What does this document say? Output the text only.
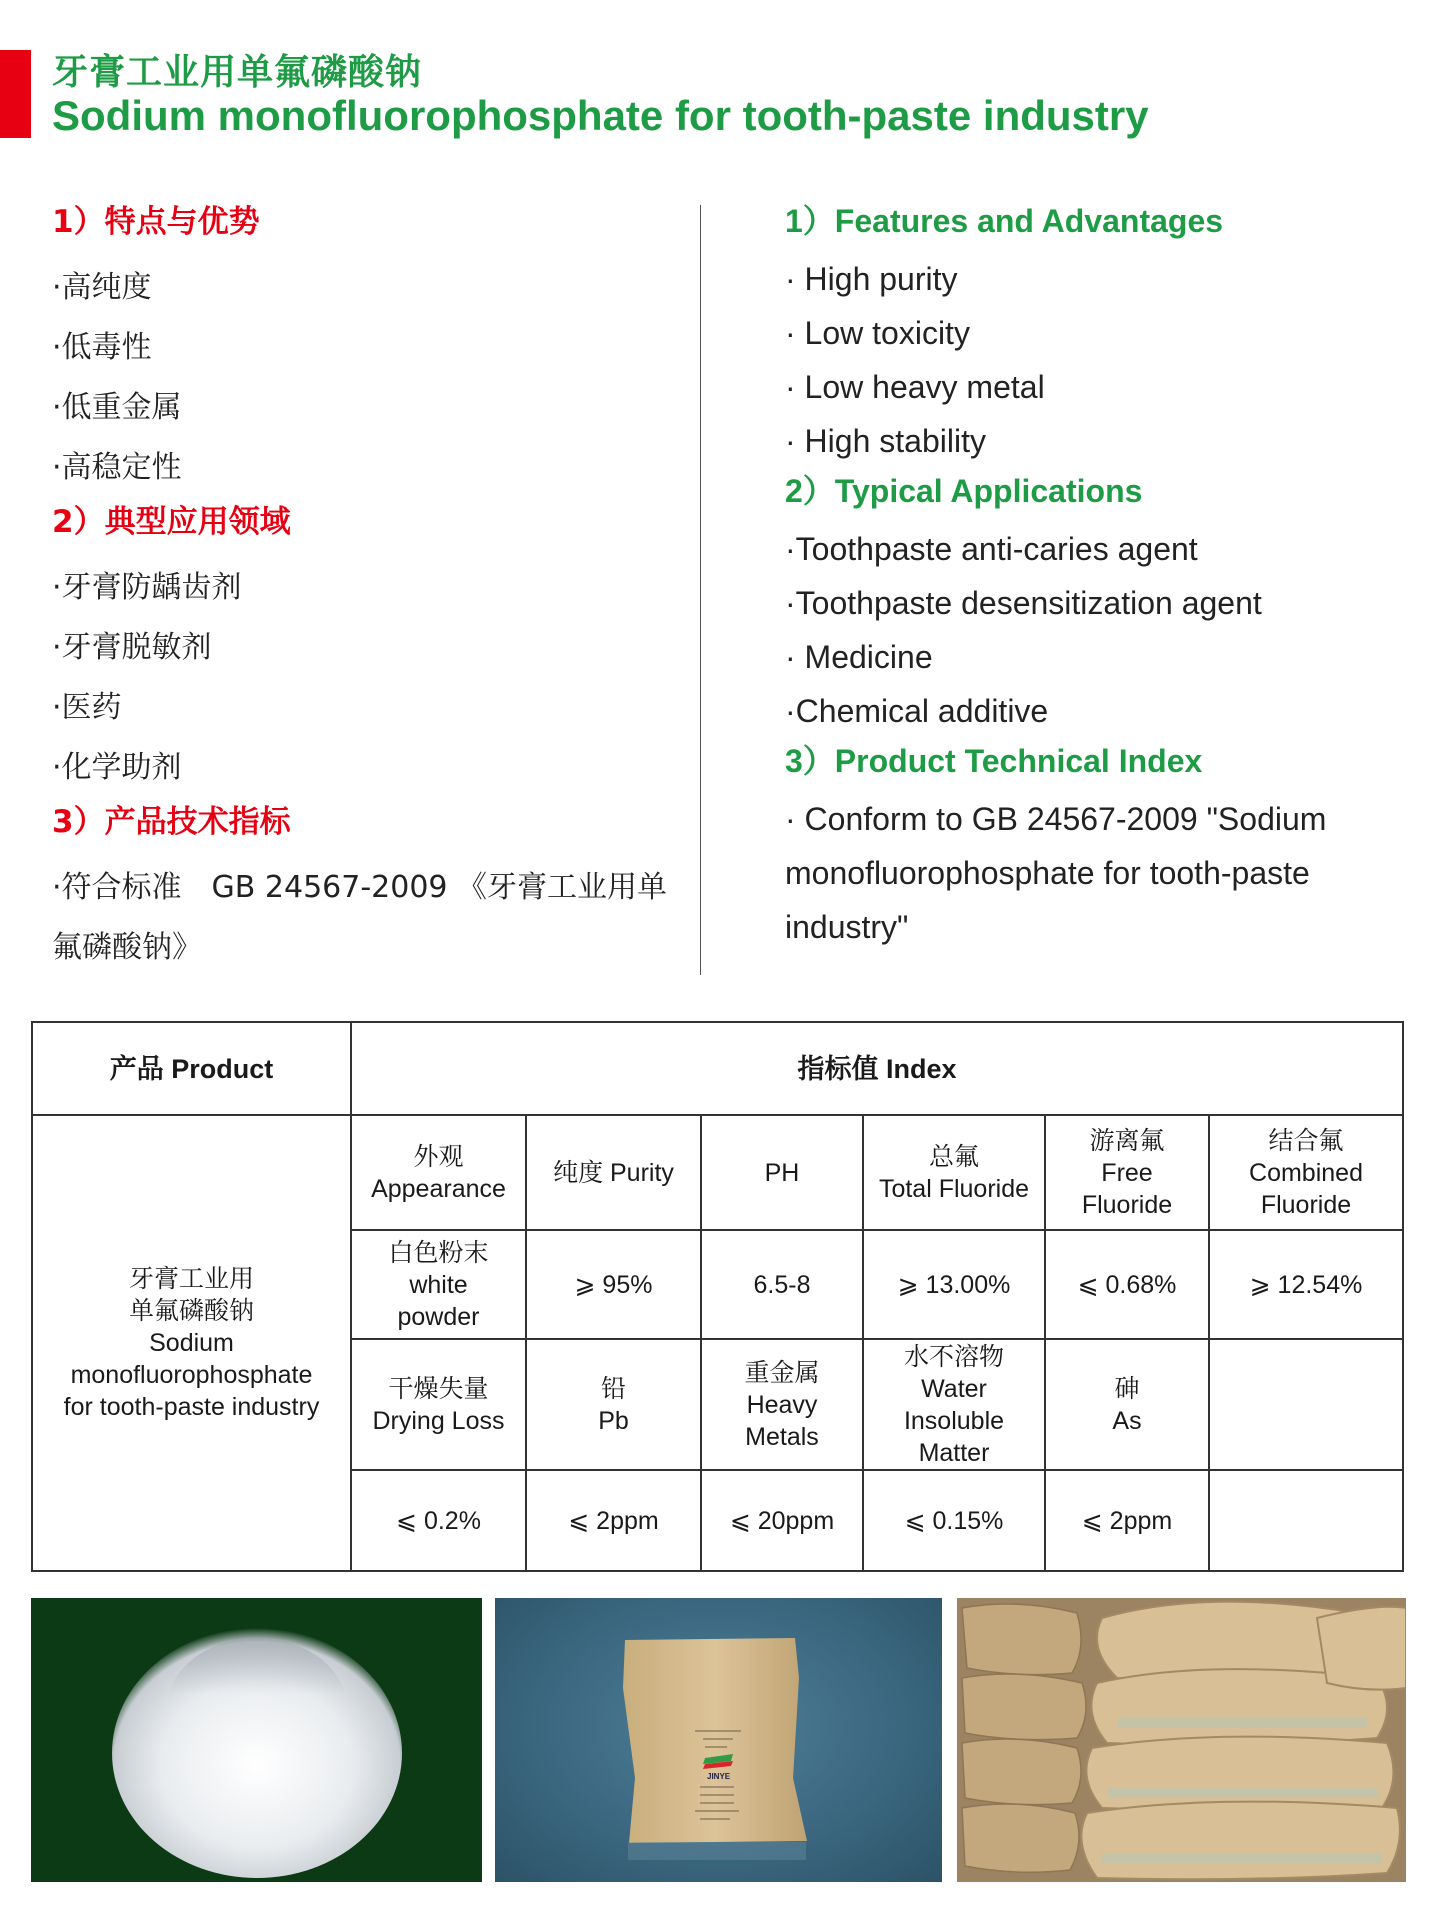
牙膏工业用单氟磷酸钠
Sodium monofluorophosphate for tooth-paste industry
1）特点与优势
·高纯度
·低毒性
·低重金属
·高稳定性
2）典型应用领域
·牙膏防龋齿剂
·牙膏脱敏剂
·医药
·化学助剂
3）产品技术指标
·符合标准　GB 24567-2009 《牙膏工业用单氟磷酸钠》
1）Features and Advantages
· High purity
· Low toxicity
· Low heavy metal
· High stability
2）Typical Applications
·Toothpaste anti-caries agent
·Toothpaste desensitization agent
· Medicine
·Chemical additive
3）Product Technical Index
· Conform to GB 24567-2009 "Sodium monofluorophosphate for tooth-paste industry"
产品 Product	指标值 Index					

牙膏工业用
单氟磷酸钠
Sodium
monofluorophosphate
for tooth-paste industry	外观
Appearance	纯度 Purity	PH	总氟
Total Fluoride	游离氟
Free
Fluoride	结合氟
Combined
Fluoride

	白色粉末
white
powder	⩾ 95%	6.5-8	⩾ 13.00%	⩽ 0.68%	⩾ 12.54%

	干燥失量
Drying Loss	铅
Pb	重金属
Heavy
Metals	水不溶物
Water
Insoluble
Matter	砷
As	

	⩽ 0.2%	⩽ 2ppm	⩽ 20ppm	⩽ 0.15%	⩽ 2ppm	

JINYE
